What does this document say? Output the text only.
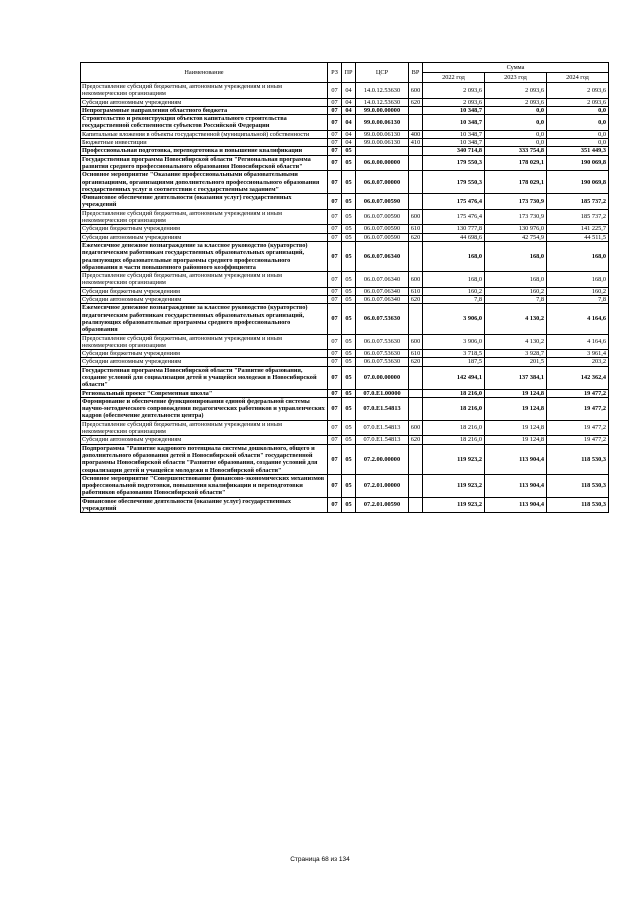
Наименование	РЗ	ПР	ЦСР	ВР	Сумма		
					2022 год	2023 год	2024 год
Предоставление субсидий бюджетным, автономным учреждениям и иным некоммерческим организациям	07	04	14.0.12.53630	600	2 093,6	2 093,6	2 093,6
Субсидии автономным учреждениям	07	04	14.0.12.53630	620	2 093,6	2 093,6	2 093,6
Непрограммные направления областного бюджета	07	04	99.0.00.00000		10 348,7	0,0	0,0
Строительство и реконструкция объектов капитального строительства государственной собственности субъектов Российской Федерации	07	04	99.0.00.06130		10 348,7	0,0	0,0
Капитальные вложения в объекты государственной (муниципальной) собственности	07	04	99.0.00.06130	400	10 348,7	0,0	0,0
Бюджетные инвестиции	07	04	99.0.00.06130	410	10 348,7	0,0	0,0
Профессиональная подготовка, переподготовка и повышение квалификации	07	05			340 714,8	333 754,8	351 449,3
Государственная программа Новосибирской области "Региональная программа развития среднего профессионального образования Новосибирской области"	07	05	06.0.00.00000		179 550,3	178 029,1	190 069,8
Основное мероприятие "Оказание профессиональными образовательными организациями, организациями дополнительного профессионального образования государственных услуг в соответствии с государственным заданием"	07	05	06.0.07.00000		179 550,3	178 029,1	190 069,8
Финансовое обеспечение деятельности (оказания услуг) государственных учреждений	07	05	06.0.07.00590		175 476,4	173 730,9	185 737,2
Предоставление субсидий бюджетным, автономным учреждениям и иным некоммерческим организациям	07	05	06.0.07.00590	600	175 476,4	173 730,9	185 737,2
Субсидии бюджетным учреждениям	07	05	06.0.07.00590	610	130 777,8	130 976,0	141 225,7
Субсидии автономным учреждениям	07	05	06.0.07.00590	620	44 698,6	42 754,9	44 511,5
Ежемесячное денежное вознаграждение за классное руководство (кураторство) педагогическим работникам государственных образовательных организаций, реализующих образовательные программы среднего профессионального образования в части повышенного районного коэффициента	07	05	06.0.07.06340		168,0	168,0	168,0
Предоставление субсидий бюджетным, автономным учреждениям и иным некоммерческим организациям	07	05	06.0.07.06340	600	168,0	168,0	168,0
Субсидии бюджетным учреждениям	07	05	06.0.07.06340	610	160,2	160,2	160,2
Субсидии автономным учреждениям	07	05	06.0.07.06340	620	7,8	7,8	7,8
Ежемесячное денежное вознаграждение за классное руководство (кураторство) педагогическим работникам государственных образовательных организаций, реализующих образовательные программы среднего профессионального образования	07	05	06.0.07.53630		3 906,0	4 130,2	4 164,6
Предоставление субсидий бюджетным, автономным учреждениям и иным некоммерческим организациям	07	05	06.0.07.53630	600	3 906,0	4 130,2	4 164,6
Субсидии бюджетным учреждениям	07	05	06.0.07.53630	610	3 718,5	3 928,7	3 961,4
Субсидии автономным учреждениям	07	05	06.0.07.53630	620	187,5	201,5	203,2
Государственная программа Новосибирской области "Развитие образования, создание условий для социализации детей и учащейся молодежи в Новосибирской области"	07	05	07.0.00.00000		142 494,1	137 384,1	142 362,4
Региональный проект "Современная школа"	07	05	07.0.E1.00000		18 216,0	19 124,8	19 477,2
Формирование и обеспечение функционирования единой федеральной системы научно-методического сопровождения педагогических работников и управленческих кадров (обеспечение деятельности центра)	07	05	07.0.E1.54813		18 216,0	19 124,8	19 477,2
Предоставление субсидий бюджетным, автономным учреждениям и иным некоммерческим организациям	07	05	07.0.E1.54813	600	18 216,0	19 124,8	19 477,2
Субсидии автономным учреждениям	07	05	07.0.E1.54813	620	18 216,0	19 124,8	19 477,2
Подпрограмма "Развитие кадрового потенциала системы дошкольного, общего и дополнительного образования детей в Новосибирской области" государственной программы Новосибирской области "Развитие образования, создание условий для социализации детей и учащейся молодежи в Новосибирской области"	07	05	07.2.00.00000		119 923,2	113 904,4	118 530,3
Основное мероприятие "Совершенствование финансово-экономических механизмов профессиональной подготовки, повышения квалификации и переподготовки работников образования Новосибирской области"	07	05	07.2.01.00000		119 923,2	113 904,4	118 530,3
Финансовое обеспечение деятельности (оказание услуг) государственных учреждений	07	05	07.2.01.00590		119 923,2	113 904,4	118 530,3
Страница 68 из 134
